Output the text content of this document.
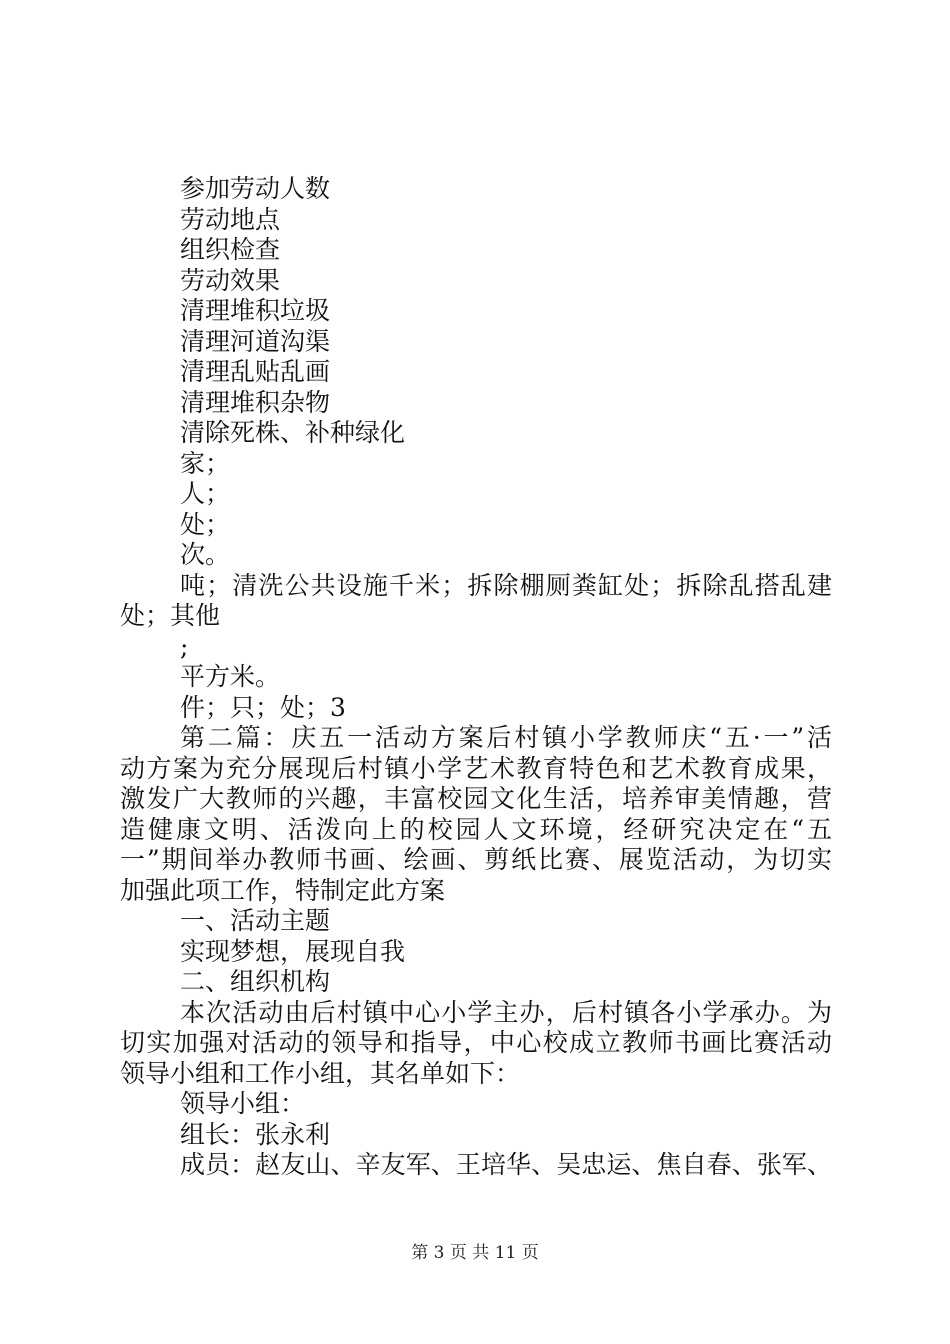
参加劳动人数
劳动地点
组织检查
劳动效果
清理堆积垃圾
清理河道沟渠
清理乱贴乱画
清理堆积杂物
清除死株、补种绿化
家；
人；
处；
次。
吨；清洗公共设施千米；拆除棚厕粪缸处；拆除乱搭乱建
处；其他
;
平方米。
件；只；处；3
第二篇：庆五一活动方案后村镇小学教师庆“五·一”活
动方案为充分展现后村镇小学艺术教育特色和艺术教育成果，
激发广大教师的兴趣，丰富校园文化生活，培养审美情趣，营
造健康文明、活泼向上的校园人文环境，经研究决定在“五
一”期间举办教师书画、绘画、剪纸比赛、展览活动，为切实
加强此项工作，特制定此方案
一、活动主题
实现梦想，展现自我
二、组织机构
本次活动由后村镇中心小学主办，后村镇各小学承办。为
切实加强对活动的领导和指导，中心校成立教师书画比赛活动
领导小组和工作小组，其名单如下：
领导小组：
组长：张永利
成员：赵友山、辛友军、王培华、吴忠运、焦自春、张军、
第 3 页 共 11 页
